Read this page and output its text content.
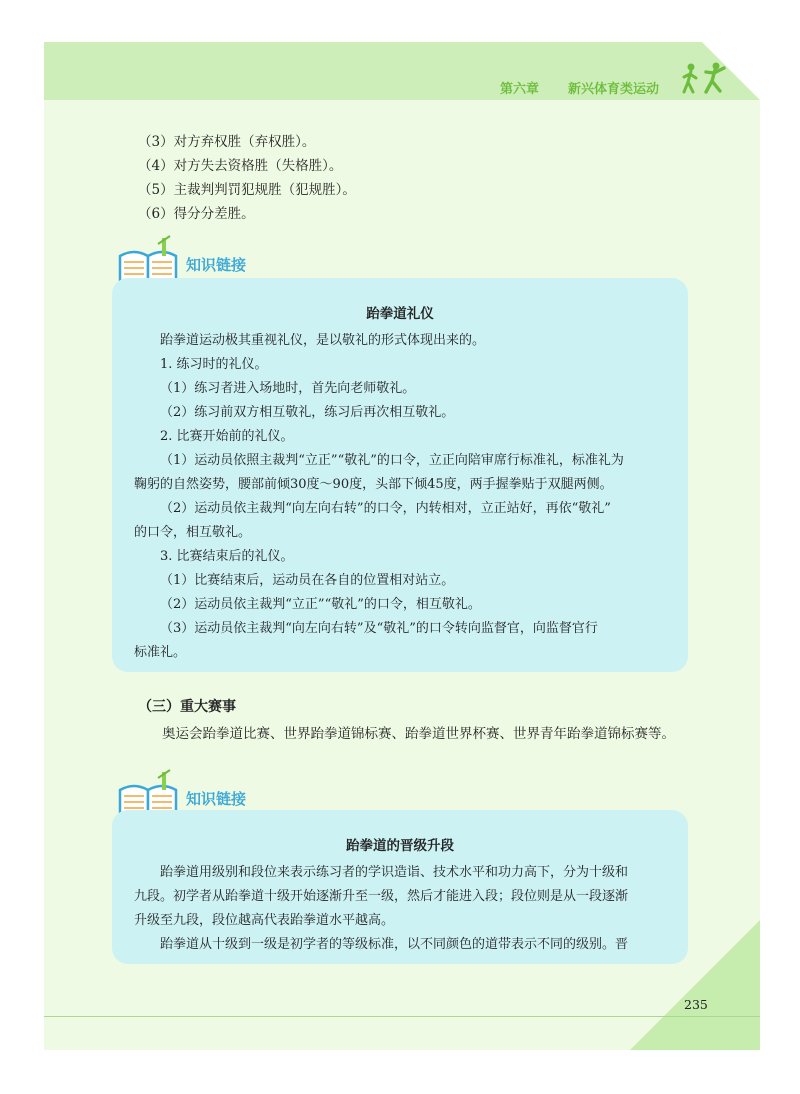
第六章 新兴体育类运动
（3）对方弃权胜（弃权胜）。
（4）对方失去资格胜（失格胜）。
（5）主裁判判罚犯规胜（犯规胜）。
（6）得分分差胜。
知识链接
跆拳道礼仪
跆拳道运动极其重视礼仪，是以敬礼的形式体现出来的。
1. 练习时的礼仪。
（1）练习者进入场地时，首先向老师敬礼。
（2）练习前双方相互敬礼，练习后再次相互敬礼。
2. 比赛开始前的礼仪。
（1）运动员依照主裁判“立正”“敬礼”的口令，立正向陪审席行标准礼，标准礼为
鞠躬的自然姿势，腰部前倾30度～90度，头部下倾45度，两手握拳贴于双腿两侧。
（2）运动员依主裁判“向左向右转”的口令，内转相对，立正站好，再依“敬礼”
的口令，相互敬礼。
3. 比赛结束后的礼仪。
（1）比赛结束后，运动员在各自的位置相对站立。
（2）运动员依主裁判“立正”“敬礼”的口令，相互敬礼。
（3）运动员依主裁判“向左向右转”及“敬礼”的口令转向监督官，向监督官行
标准礼。
（三）重大赛事
奥运会跆拳道比赛、世界跆拳道锦标赛、跆拳道世界杯赛、世界青年跆拳道锦标赛等。
知识链接
跆拳道的晋级升段
跆拳道用级别和段位来表示练习者的学识造诣、技术水平和功力高下，分为十级和
九段。初学者从跆拳道十级开始逐渐升至一级，然后才能进入段；段位则是从一段逐渐
升级至九段，段位越高代表跆拳道水平越高。
跆拳道从十级到一级是初学者的等级标准，以不同颜色的道带表示不同的级别。晋
235
